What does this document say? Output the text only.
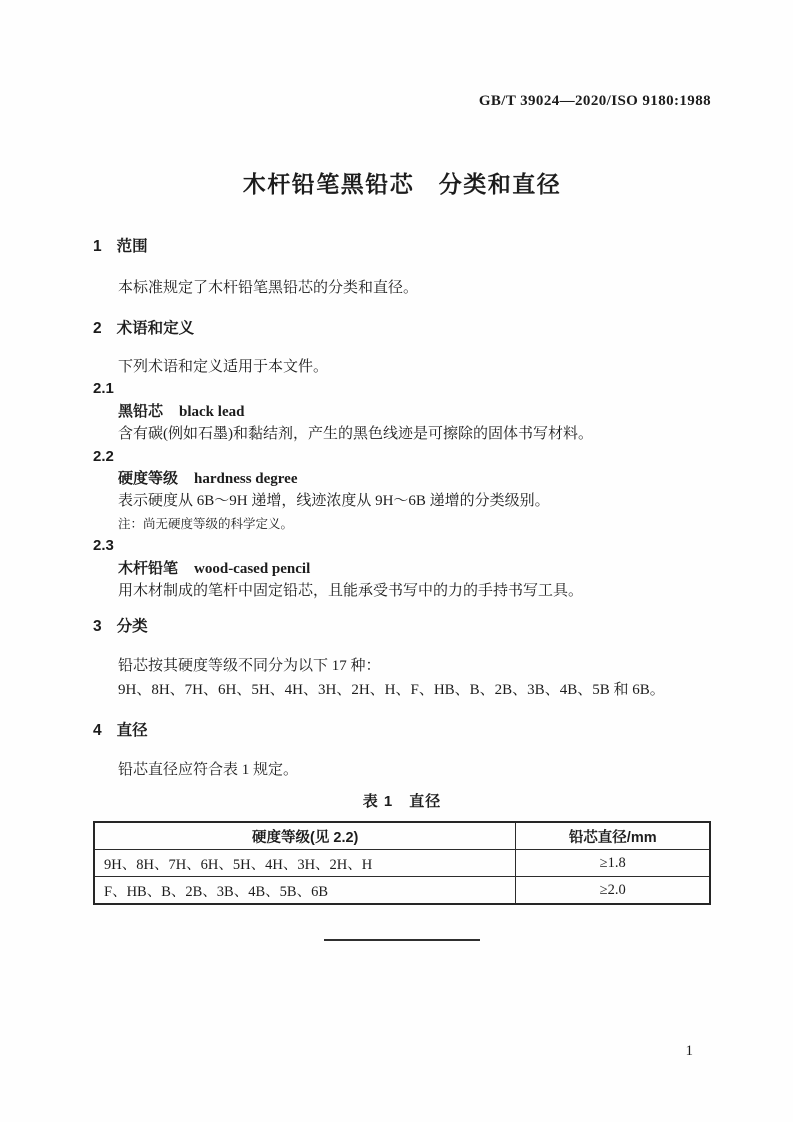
GB/T 39024—2020/ISO 9180:1988
木杆铅笔黑铅芯　分类和直径
1 范围
本标准规定了木杆铅笔黑铅芯的分类和直径。
2 术语和定义
下列术语和定义适用于本文件。
2.1
黑铅芯 black lead
含有碳(例如石墨)和黏结剂，产生的黑色线迹是可擦除的固体书写材料。
2.2
硬度等级 hardness degree
表示硬度从 6B～9H 递增，线迹浓度从 9H～6B 递增的分类级别。
注：尚无硬度等级的科学定义。
2.3
木杆铅笔 wood-cased pencil
用木材制成的笔杆中固定铅芯，且能承受书写中的力的手持书写工具。
3 分类
铅芯按其硬度等级不同分为以下 17 种：
9H、8H、7H、6H、5H、4H、3H、2H、H、F、HB、B、2B、3B、4B、5B 和 6B。
4 直径
铅芯直径应符合表 1 规定。
表 1　直径
硬度等级(见 2.2)	铅芯直径/mm
9H、8H、7H、6H、5H、4H、3H、2H、H	≥1.8
F、HB、B、2B、3B、4B、5B、6B	≥2.0
1
